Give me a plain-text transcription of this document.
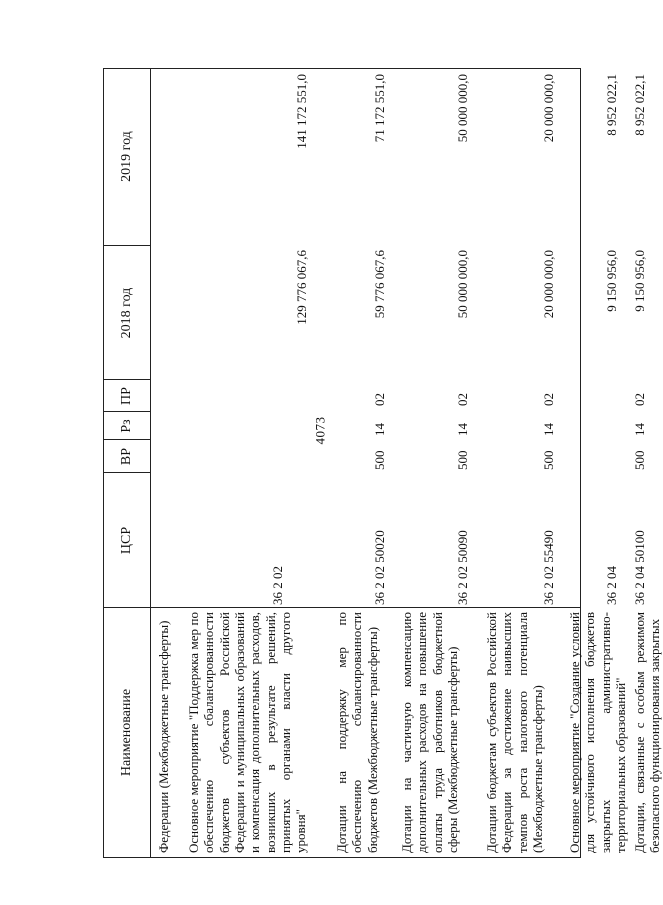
4073
Наименование
ЦСР
ВР
Рз
ПР
2018 год
2019 год
Федерации (Межбюджетные трансферты) Основное мероприятие "Поддержка мер по обеспечению сбалансированности бюджетов субъектов Российской Федерации и муниципальных образований и компенсация дополнительных расходов, возникших в результате решений, принятых органами власти другого уровня"
36 2 02
129 776 067,6
141 172 551,0
Дотации на поддержку мер по обеспечению сбалансированности бюджетов (Межбюджетные трансферты)
36 2 02 50020
500
14
02
59 776 067,6
71 172 551,0
Дотации на частичную компенсацию дополнительных расходов на повышение оплаты труда работников бюджетной сферы (Межбюджетные трансферты)
36 2 02 50090
500
14
02
50 000 000,0
50 000 000,0
Дотации бюджетам субъектов Российской Федерации за достижение наивысших темпов роста налогового потенциала (Межбюджетные трансферты)
36 2 02 55490
500
14
02
20 000 000,0
20 000 000,0
Основное мероприятие "Создание условий для устойчивого исполнения бюджетов закрытых административно-территориальных образований"
36 2 04
9 150 956,0
8 952 022,1
Дотации, связанные с особым режимом безопасного функционирования закрытых
36 2 04 50100
500
14
02
9 150 956,0
8 952 022,1
